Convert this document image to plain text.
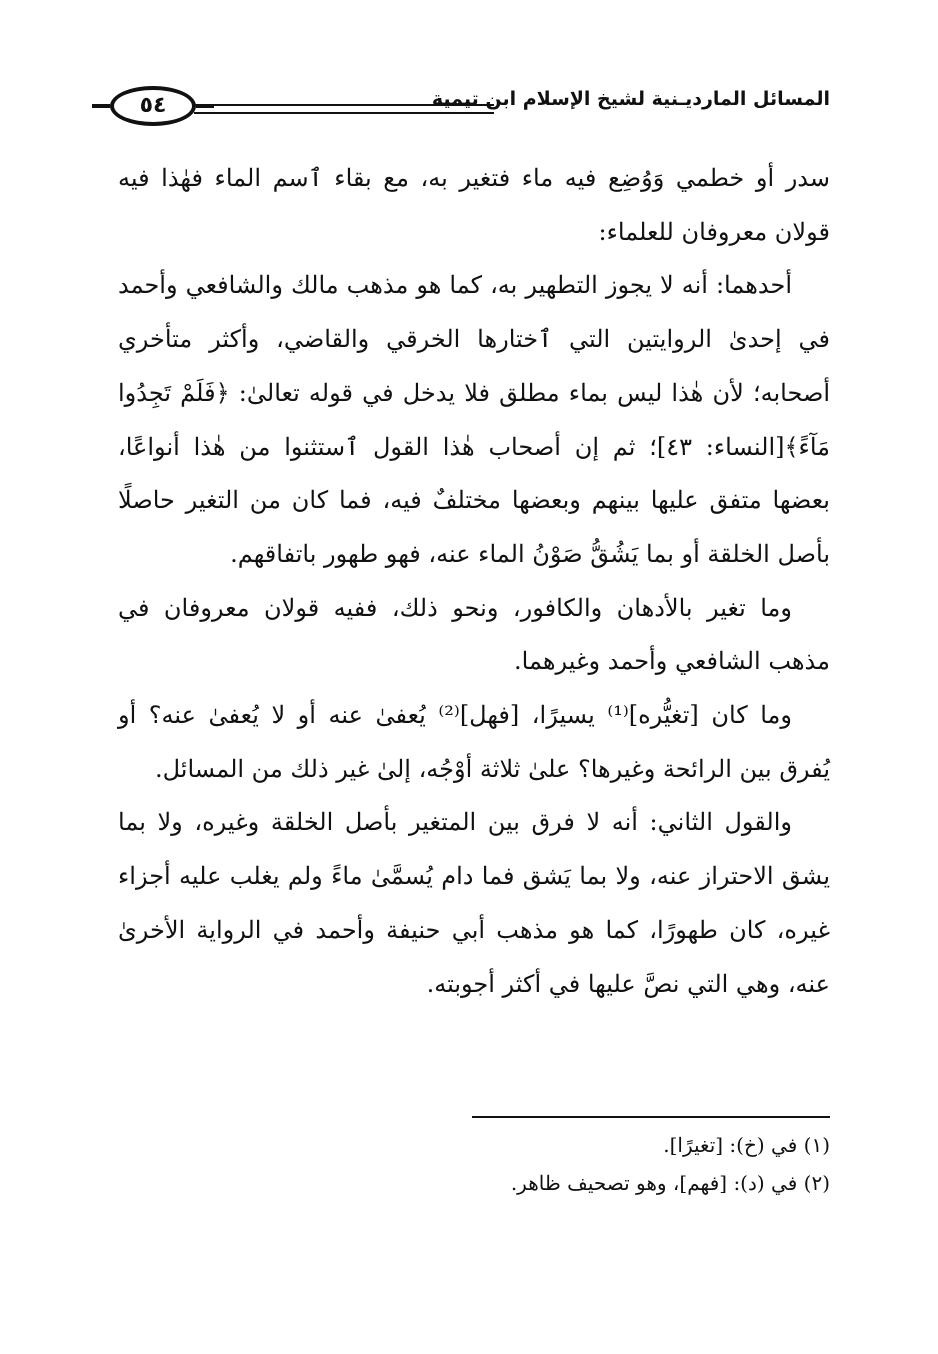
٥٤	المسائل المارديـنية لشيخ الإسلام ابن تيمية

سدر أو خطمي وَوُضِع فيه ماء فتغير به، مع بقاء ٱسم الماء فهٰذا فيه قولان معروفان للعلماء:

أحدهما: أنه لا يجوز التطهير به، كما هو مذهب مالك والشافعي وأحمد في إحدىٰ الروايتين التي ٱختارها الخرقي والقاضي، وأكثر متأخري أصحابه؛ لأن هٰذا ليس بماء مطلق فلا يدخل في قوله تعالىٰ: ﴿فَلَمْ تَجِدُوا مَآءً﴾[النساء: ٤٣]؛ ثم إن أصحاب هٰذا القول ٱستثنوا من هٰذا أنواعًا، بعضها متفق عليها بينهم وبعضها مختلفٌ فيه، فما كان من التغير حاصلًا بأصل الخلقة أو بما يَشُقُّ صَوْنُ الماء عنه، فهو طهور باتفاقهم.

وما تغير بالأدهان والكافور، ونحو ذلك، ففيه قولان معروفان في مذهب الشافعي وأحمد وغيرهما.

وما كان [تغيُّره]⁽¹⁾ يسيرًا، [فهل]⁽²⁾ يُعفىٰ عنه أو لا يُعفىٰ عنه؟ أو يُفرق بين الرائحة وغيرها؟ علىٰ ثلاثة أوْجُه، إلىٰ غير ذلك من المسائل.

والقول الثاني: أنه لا فرق بين المتغير بأصل الخلقة وغيره، ولا بما يشق الاحتراز عنه، ولا بما يَشق فما دام يُسمَّىٰ ماءً ولم يغلب عليه أجزاء غيره، كان طهورًا، كما هو مذهب أبي حنيفة وأحمد في الرواية الأخرىٰ عنه، وهي التي نصَّ عليها في أكثر أجوبته.

(١) في (خ): [تغيرًا].

(٢) في (د): [فهم]، وهو تصحيف ظاهر.
